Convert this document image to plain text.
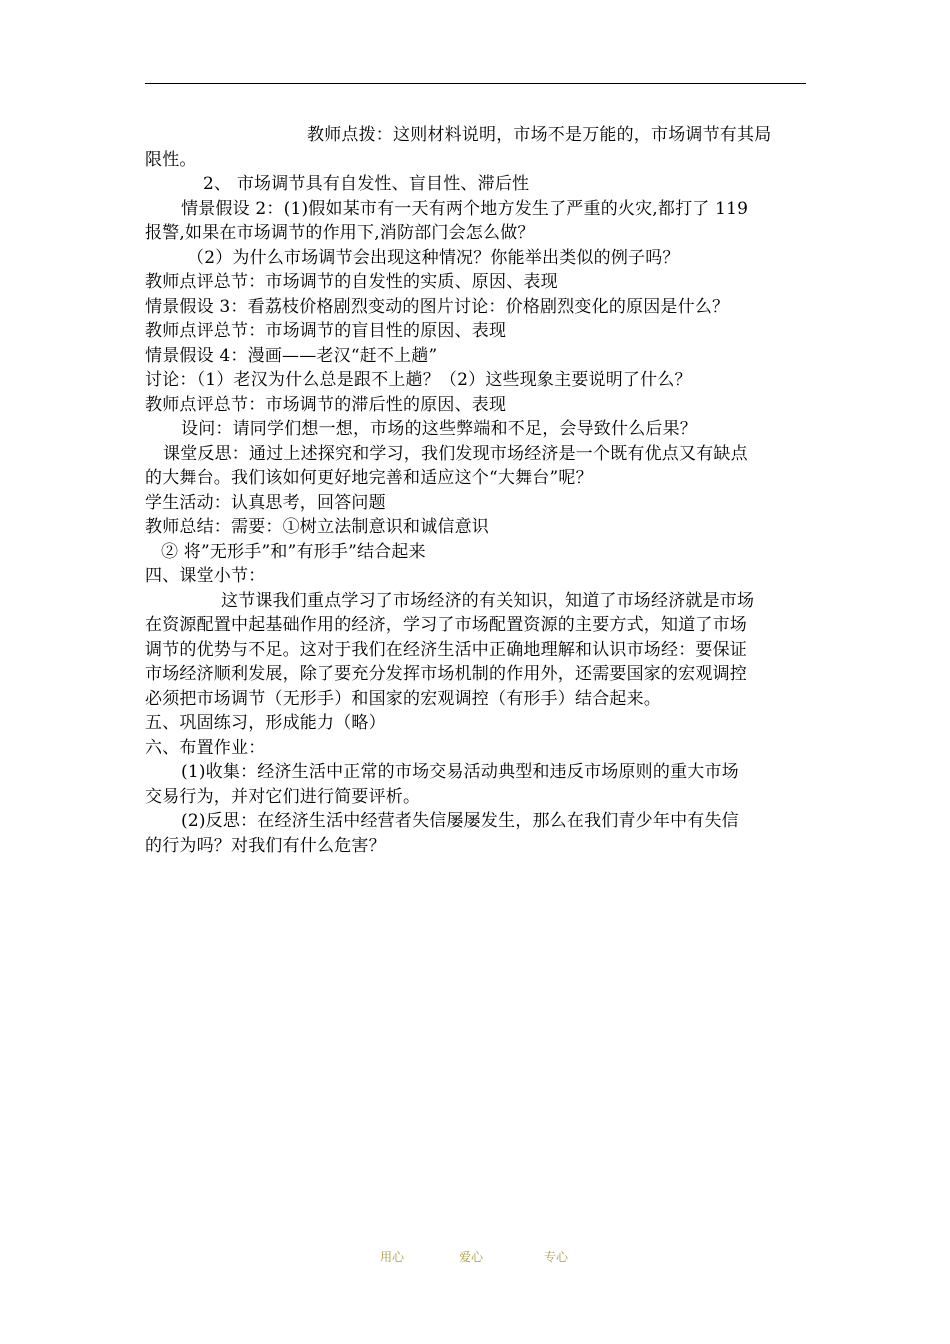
教师点拨：这则材料说明，市场不是万能的，市场调节有其局

限性。

2、 市场调节具有自发性、盲目性、滞后性

情景假设 2：(1)假如某市有一天有两个地方发生了严重的火灾,都打了 119

报警,如果在市场调节的作用下,消防部门会怎么做？

（2）为什么市场调节会出现这种情况？你能举出类似的例子吗？

教师点评总节：市场调节的自发性的实质、原因、表现

情景假设 3：看荔枝价格剧烈变动的图片讨论：价格剧烈变化的原因是什么？

教师点评总节：市场调节的盲目性的原因、表现

情景假设 4：漫画——老汉“赶不上趟”

讨论：（1）老汉为什么总是跟不上趟？（2）这些现象主要说明了什么？

教师点评总节：市场调节的滞后性的原因、表现

设问：请同学们想一想，市场的这些弊端和不足，会导致什么后果？

课堂反思：通过上述探究和学习，我们发现市场经济是一个既有优点又有缺点

的大舞台。我们该如何更好地完善和适应这个“大舞台”呢？

学生活动：认真思考，回答问题

教师总结：需要：①树立法制意识和诚信意识

② 将”无形手”和”有形手”结合起来

四、课堂小节：

这节课我们重点学习了市场经济的有关知识，知道了市场经济就是市场

在资源配置中起基础作用的经济，学习了市场配置资源的主要方式，知道了市场

调节的优势与不足。这对于我们在经济生活中正确地理解和认识市场经：要保证

市场经济顺利发展，除了要充分发挥市场机制的作用外，还需要国家的宏观调控

必须把市场调节（无形手）和国家的宏观调控（有形手）结合起来。

五、巩固练习，形成能力（略）

六、布置作业：

(1)收集：经济生活中正常的市场交易活动典型和违反市场原则的重大市场

交易行为，并对它们进行简要评析。

(2)反思：在经济生活中经营者失信屡屡发生，那么在我们青少年中有失信

的行为吗？对我们有什么危害？

用心	爱心	专心
